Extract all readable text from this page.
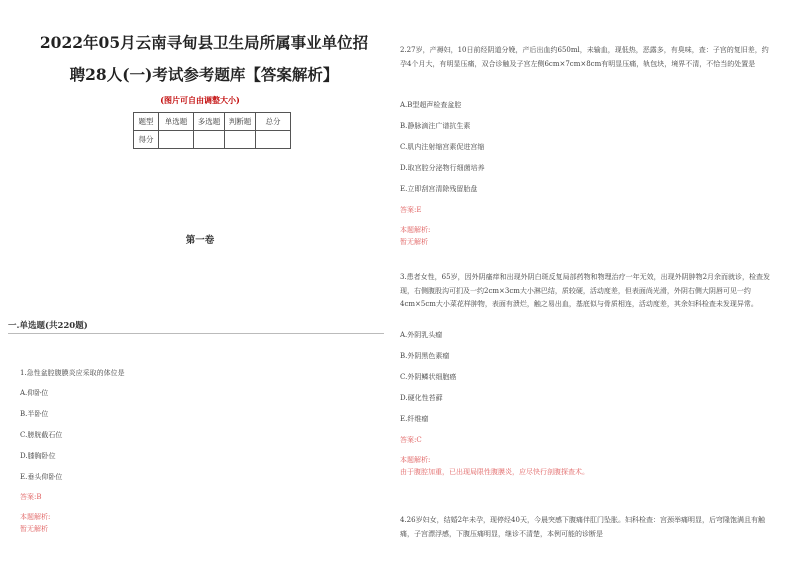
2022年05月云南寻甸县卫生局所属事业单位招
聘28人(一)考试参考题库【答案解析】
(图片可自由调整大小)
题型	单选题	多选题	判断题	总分
得分				
第一卷
一.单选题(共220题)
1.急性盆腔腹膜炎应采取的体位是
A.仰卧位
B.半卧位
C.膀胱截石位
D.膝胸卧位
E.垂头仰卧位
答案:B
本题解析:
暂无解析
2.27岁，产褥妇，10日前经阴道分娩，产后出血约650ml，未输血，现低热，恶露多，有臭味，查：子宫的复旧差，约孕4个月大，有明显压痛，双合诊触及子宫左侧6cm×7cm×8cm有明显压痛，轨包块，境界不清，不恰当的处置是
A.B型超声检查盆腔
B.静脉滴注广谱抗生素
C.肌内注射缩宫素促进宫缩
D.取宫腔分泌物行细菌培养
E.立即刮宫清除残留胎盘
答案:E
本题解析:
暂无解析
3.患者女性，65岁，因外阴瘙痒和出现外阴白斑反复局部药物和物理治疗一年无效，出现外阴肿物2月余而就诊，检查发现，右侧腹股沟可扪及一约2cm×3cm大小淋巴结，质较硬，活动度差，但表面尚光滑，外阴右侧大阴唇可见一约4cm×5cm大小菜花样肿物，表面有溃烂，触之易出血，基底似与骨质相连，活动度差，其余妇科检查未发现异常。
A.外阴乳头瘤
B.外阴黑色素瘤
C.外阴鳞状细胞癌
D.硬化性苔藓
E.纤维瘤
答案:C
本题解析:
由于腹腔加重，已出现局限性腹膜炎，应尽快行剖腹探查术。
4.26岁妇女，结婚2年未孕，现停经40天，今晨突感下腹痛伴肛门坠胀。妇科检查：宫颈举痛明显，后穹隆饱满且有触痛，子宫漂浮感，下腹压痛明显，继诊不清楚，本例可能的诊断是
